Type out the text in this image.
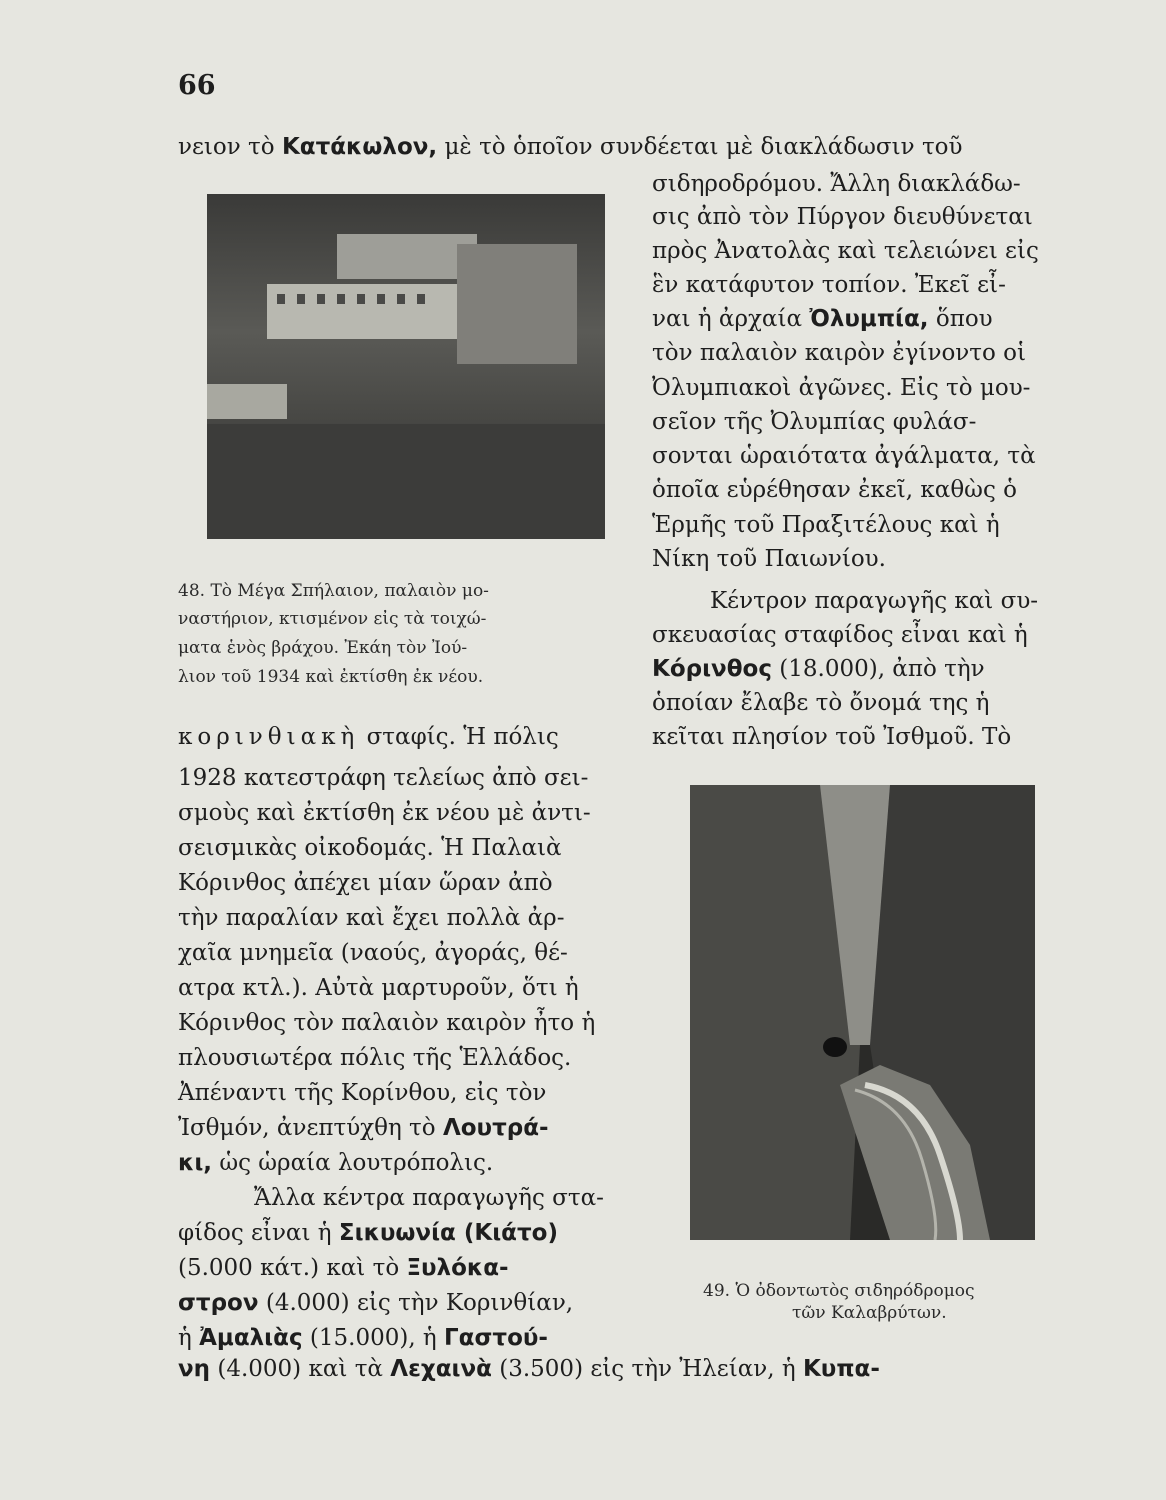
66
νειον τὸ Κατάκωλον, μὲ τὸ ὁποῖον συνδέεται μὲ διακλάδωσιν τοῦ
48. Τὸ Μέγα Σπήλαιον, παλαιὸν μο-
ναστήριον, κτισμένον εἰς τὰ τοιχώ-
ματα ἑνὸς βράχου. Ἐκάη τὸν Ἰού-
λιον τοῦ 1934 καὶ ἐκτίσθη ἐκ νέου.
σιδηροδρόμου. Ἄλλη διακλάδω-
σις ἀπὸ τὸν Πύργον διευθύνεται
πρὸς Ἀνατολὰς καὶ τελειώνει εἰς
ἓν κατάφυτον τοπίον. Ἐκεῖ εἶ-
ναι ἡ ἀρχαία Ὀλυμπία, ὅπου
τὸν παλαιὸν καιρὸν ἐγίνοντο οἱ
Ὀλυμπιακοὶ ἀγῶνες. Εἰς τὸ μου-
σεῖον τῆς Ὀλυμπίας φυλάσ-
σονται ὡραιότατα ἀγάλματα, τὰ
ὁποῖα εὑρέθησαν ἐκεῖ, καθὼς ὁ
Ἑρμῆς τοῦ Πραξιτέλους καὶ ἡ
Νίκη τοῦ Παιωνίου.
Κέντρον παραγωγῆς καὶ συ-
σκευασίας σταφίδος εἶναι καὶ ἡ
Κόρινθος (18.000), ἀπὸ τὴν
ὁποίαν ἔλαβε τὸ ὄνομά της ἡ
κεῖται πλησίον τοῦ Ἰσθμοῦ. Τὸ
κορινθιακὴ σταφίς. Ἡ πόλις
1928 κατεστράφη τελείως ἀπὸ σει-
σμοὺς καὶ ἐκτίσθη ἐκ νέου μὲ ἀντι-
σεισμικὰς οἰκοδομάς. Ἡ Παλαιὰ
Κόρινθος ἀπέχει μίαν ὥραν ἀπὸ
τὴν παραλίαν καὶ ἔχει πολλὰ ἀρ-
χαῖα μνημεῖα (ναούς, ἀγοράς, θέ-
ατρα κτλ.). Αὐτὰ μαρτυροῦν, ὅτι ἡ
Κόρινθος τὸν παλαιὸν καιρὸν ἦτο ἡ
πλουσιωτέρα πόλις τῆς Ἑλλάδος.
Ἀπέναντι τῆς Κορίνθου, εἰς τὸν
Ἰσθμόν, ἀνεπτύχθη τὸ Λουτρά-
κι, ὡς ὡραία λουτρόπολις.
Ἄλλα κέντρα παραγωγῆς στα-
φίδος εἶναι ἡ Σικυωνία (Κιάτο)
(5.000 κάτ.) καὶ τὸ Ξυλόκα-
στρον (4.000) εἰς τὴν Κορινθίαν,
ἡ Ἀμαλιὰς (15.000), ἡ Γαστού-
49. Ὁ ὀδοντωτὸς σιδηρόδρομος
τῶν Καλαβρύτων.
νη (4.000) καὶ τὰ Λεχαινὰ (3.500) εἰς τὴν Ἠλείαν, ἡ Κυπα-
